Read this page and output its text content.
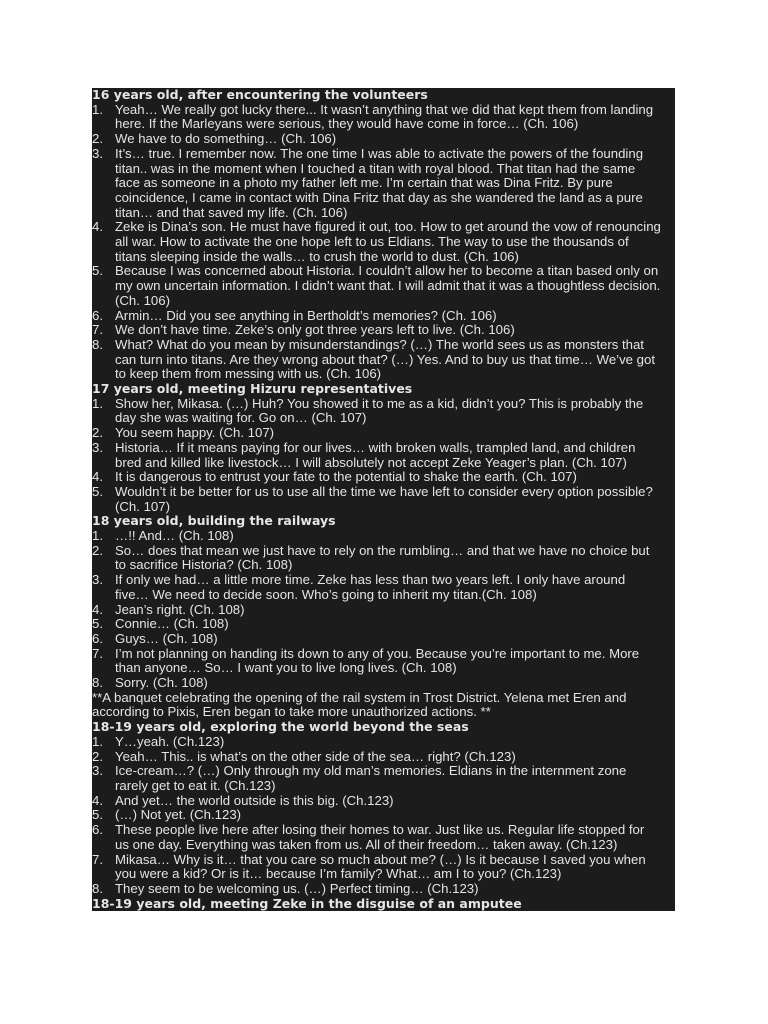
16 years old, after encountering the volunteers
1. Yeah… We really got lucky there... It wasn’t anything that we did that kept them from landing here. If the Marleyans were serious, they would have come in force… (Ch. 106)
2. We have to do something… (Ch. 106)
3. It’s… true. I remember now. The one time I was able to activate the powers of the founding titan.. was in the moment when I touched a titan with royal blood. That titan had the same face as someone in a photo my father left me. I’m certain that was Dina Fritz. By pure coincidence, I came in contact with Dina Fritz that day as she wandered the land as a pure titan… and that saved my life. (Ch. 106)
4. Zeke is Dina’s son. He must have figured it out, too. How to get around the vow of renouncing all war. How to activate the one hope left to us Eldians. The way to use the thousands of titans sleeping inside the walls… to crush the world to dust. (Ch. 106)
5. Because I was concerned about Historia. I couldn’t allow her to become a titan based only on my own uncertain information. I didn’t want that. I will admit that it was a thoughtless decision. (Ch. 106)
6. Armin… Did you see anything in Bertholdt’s memories? (Ch. 106)
7. We don’t have time. Zeke’s only got three years left to live. (Ch. 106)
8. What? What do you mean by misunderstandings? (…) The world sees us as monsters that can turn into titans. Are they wrong about that? (…) Yes. And to buy us that time… We’ve got to keep them from messing with us. (Ch. 106)
17 years old, meeting Hizuru representatives
1. Show her, Mikasa. (…) Huh? You showed it to me as a kid, didn’t you? This is probably the day she was waiting for. Go on… (Ch. 107)
2. You seem happy. (Ch. 107)
3. Historia… If it means paying for our lives… with broken walls, trampled land, and children bred and killed like livestock… I will absolutely not accept Zeke Yeager’s plan. (Ch. 107)
4. It is dangerous to entrust your fate to the potential to shake the earth. (Ch. 107)
5. Wouldn’t it be better for us to use all the time we have left to consider every option possible? (Ch. 107)
18 years old, building the railways
1. …!! And… (Ch. 108)
2. So… does that mean we just have to rely on the rumbling… and that we have no choice but to sacrifice Historia? (Ch. 108)
3. If only we had… a little more time. Zeke has less than two years left. I only have around five… We need to decide soon. Who’s going to inherit my titan.(Ch. 108)
4. Jean’s right. (Ch. 108)
5. Connie… (Ch. 108)
6. Guys… (Ch. 108)
7. I’m not planning on handing its down to any of you. Because you’re important to me. More than anyone… So… I want you to live long lives. (Ch. 108)
8. Sorry. (Ch. 108)
**A banquet celebrating the opening of the rail system in Trost District. Yelena met Eren and according to Pixis, Eren began to take more unauthorized actions. **
18-19 years old, exploring the world beyond the seas
1. Y…yeah. (Ch.123)
2. Yeah… This.. is what’s on the other side of the sea… right? (Ch.123)
3. Ice-cream…? (…) Only through my old man’s memories. Eldians in the internment zone rarely get to eat it. (Ch.123)
4. And yet… the world outside is this big. (Ch.123)
5. (…) Not yet. (Ch.123)
6. These people live here after losing their homes to war. Just like us. Regular life stopped for us one day. Everything was taken from us. All of their freedom… taken away. (Ch.123)
7. Mikasa… Why is it… that you care so much about me? (…) Is it because I saved you when you were a kid? Or is it… because I’m family? What… am I to you? (Ch.123)
8. They seem to be welcoming us. (…) Perfect timing… (Ch.123)
18-19 years old, meeting Zeke in the disguise of an amputee
